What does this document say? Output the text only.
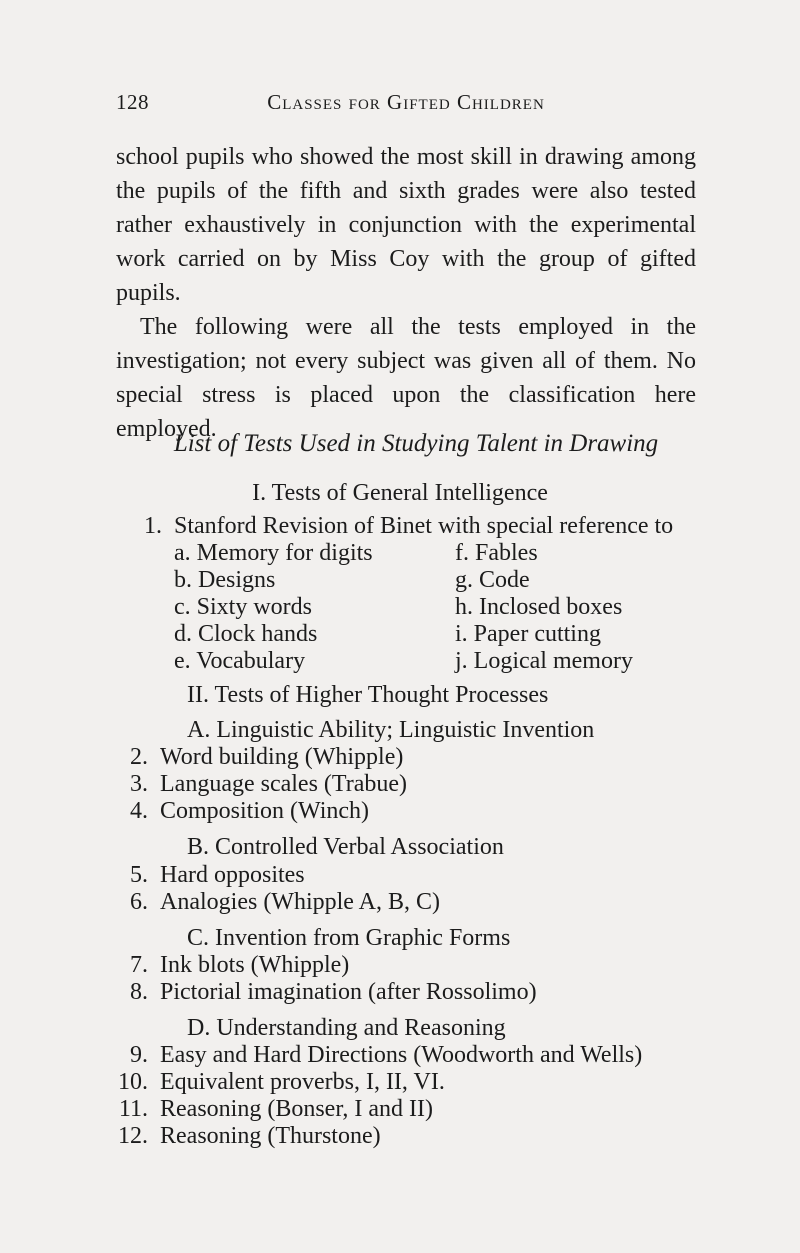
128	Classes for Gifted Children

school pupils who showed the most skill in drawing among the pupils of the fifth and sixth grades were also tested rather exhaustively in conjunction with the experimental work carried on by Miss Coy with the group of gifted pupils.

The following were all the tests employed in the investigation; not every subject was given all of them. No special stress is placed upon the classification here employed.

List of Tests Used in Studying Talent in Drawing
I. Tests of General Intelligence
1. Stanford Revision of Binet with special reference to
a. Memory for digits
b. Designs
c. Sixty words
d. Clock hands
e. Vocabulary
f. Fables
g. Code
h. Inclosed boxes
i. Paper cutting
j. Logical memory
II. Tests of Higher Thought Processes
A. Linguistic Ability; Linguistic Invention
2. Word building (Whipple)
3. Language scales (Trabue)
4. Composition (Winch)
B. Controlled Verbal Association
5. Hard opposites
6. Analogies (Whipple A, B, C)
C. Invention from Graphic Forms
7. Ink blots (Whipple)
8. Pictorial imagination (after Rossolimo)
D. Understanding and Reasoning
9. Easy and Hard Directions (Woodworth and Wells)
10. Equivalent proverbs, I, II, VI.
11. Reasoning (Bonser, I and II)
12. Reasoning (Thurstone)
